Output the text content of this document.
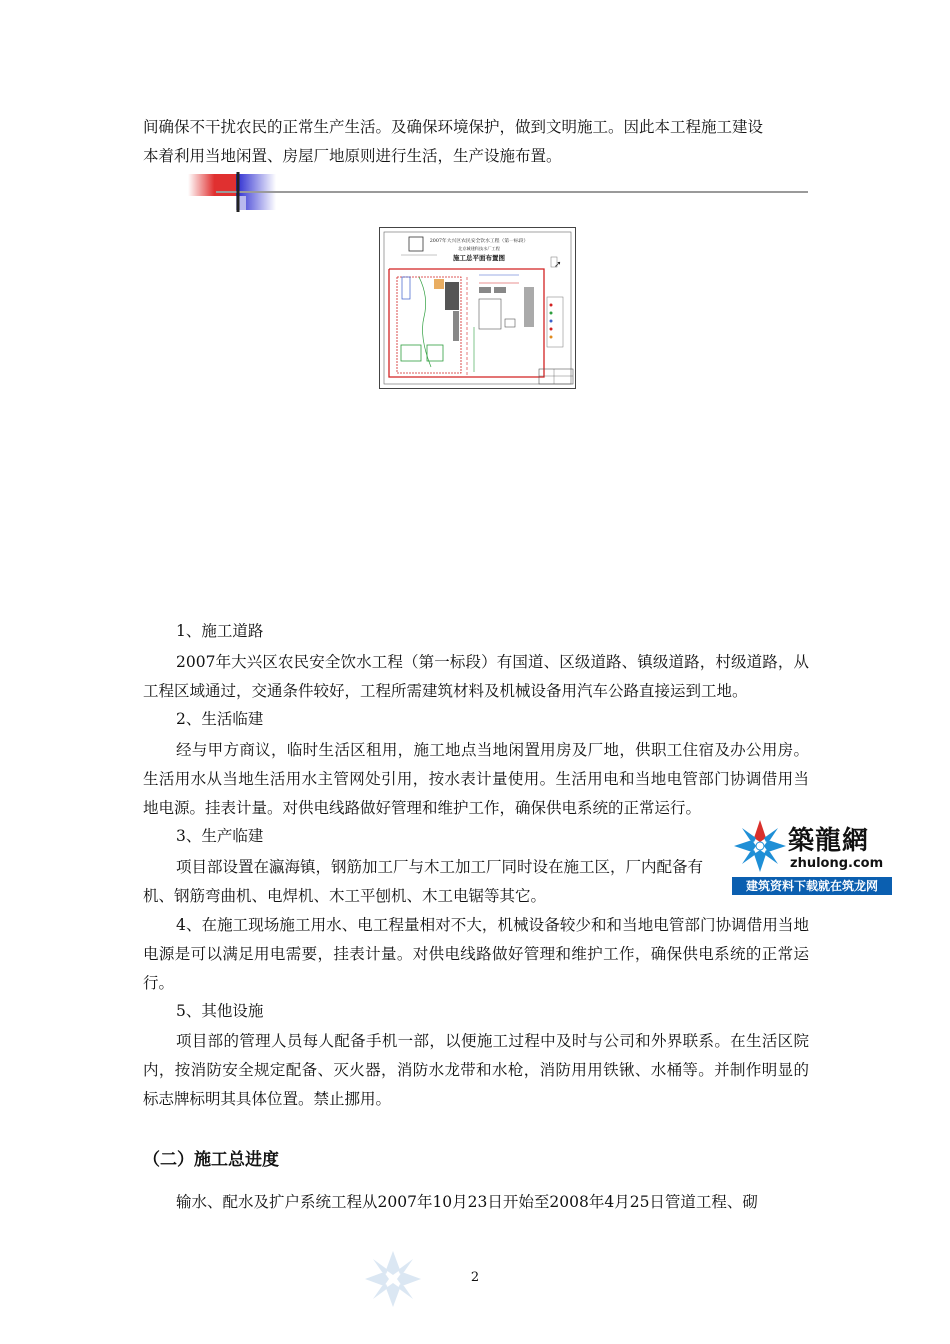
间确保不干扰农民的正常生产生活。及确保环境保护，做到文明施工。因此本工程施工建设
本着利用当地闲置、房屋厂地原则进行生活，生产设施布置。
2007年大兴区农民安全饮水工程（第一标段）
北京城建科技水厂工程
施工总平面布置图
➚
1、施工道路
2007年大兴区农民安全饮水工程（第一标段）有国道、区级道路、镇级道路，村级道路，从工程区域通过，交通条件较好，工程所需建筑材料及机械设备用汽车公路直接运到工地。
2、生活临建
经与甲方商议，临时生活区租用，施工地点当地闲置用房及厂地，供职工住宿及办公用房。生活用水从当地生活用水主管网处引用，按水表计量使用。生活用电和当地电管部门协调借用当地电源。挂表计量。对供电线路做好管理和维护工作，确保供电系统的正常运行。
3、生产临建
项目部设置在瀛海镇，钢筋加工厂与木工加工厂同时设在施工区，厂内配备有
机、钢筋弯曲机、电焊机、木工平刨机、木工电锯等其它。
4、在施工现场施工用水、电工程量相对不大，机械设备较少和和当地电管部门协调借用当地电源是可以满足用电需要，挂表计量。对供电线路做好管理和维护工作，确保供电系统的正常运行。
5、其他设施
项目部的管理人员每人配备手机一部，以便施工过程中及时与公司和外界联系。在生活区院内，按消防安全规定配备、灭火器，消防水龙带和水枪，消防用用铁锹、水桶等。并制作明显的标志牌标明其具体位置。禁止挪用。
（二）施工总进度
输水、配水及扩户系统工程从2007年10月23日开始至2008年4月25日管道工程、砌
築龍網
zhulong.com
建筑资料下载就在筑龙网
2
